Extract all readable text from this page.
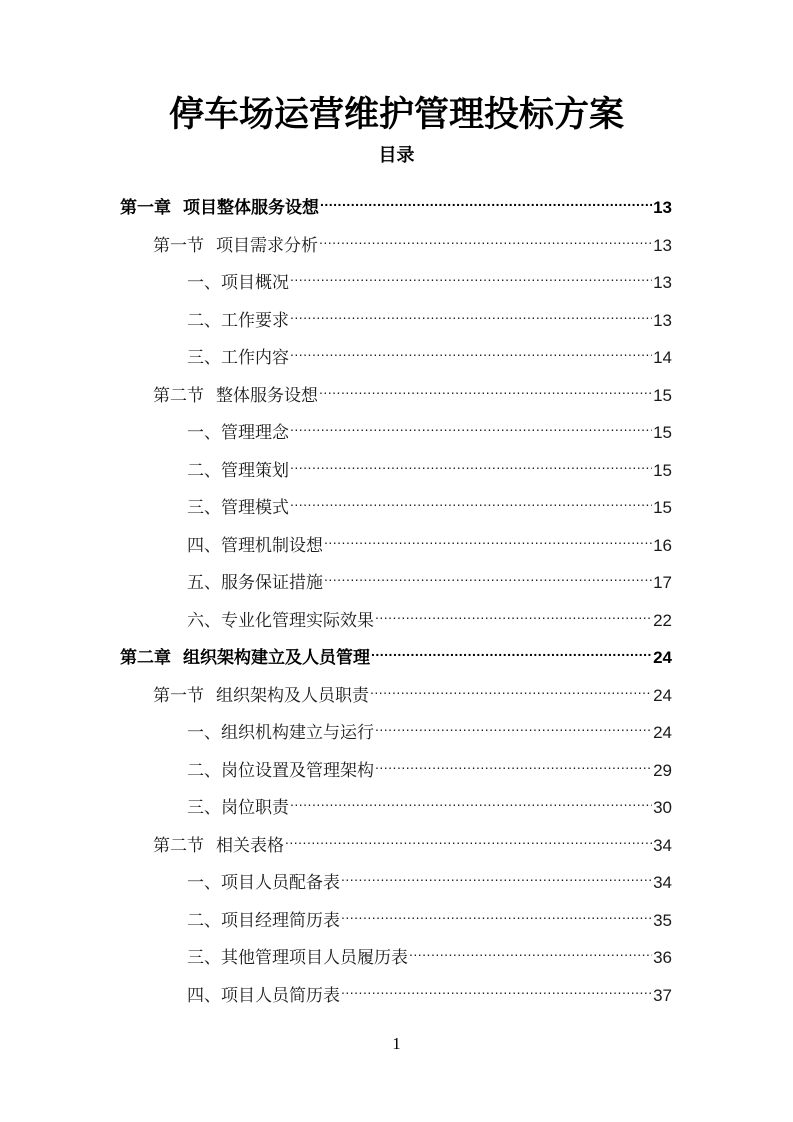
停车场运营维护管理投标方案
目录
第一章 项目整体服务设想 .....	13
第一节 项目需求分析 .....	13
一、项目概况 .....	13
二、工作要求 .....	13
三、工作内容 .....	14
第二节 整体服务设想 .....	15
一、管理理念 .....	15
二、管理策划 .....	15
三、管理模式 .....	15
四、管理机制设想 .....	16
五、服务保证措施 .....	17
六、专业化管理实际效果 .....	22
第二章 组织架构建立及人员管理 .....	24
第一节 组织架构及人员职责 .....	24
一、组织机构建立与运行 .....	24
二、岗位设置及管理架构 .....	29
三、岗位职责 .....	30
第二节 相关表格 .....	34
一、项目人员配备表 .....	34
二、项目经理简历表 .....	35
三、其他管理项目人员履历表 .....	36
四、项目人员简历表 .....	37
1
